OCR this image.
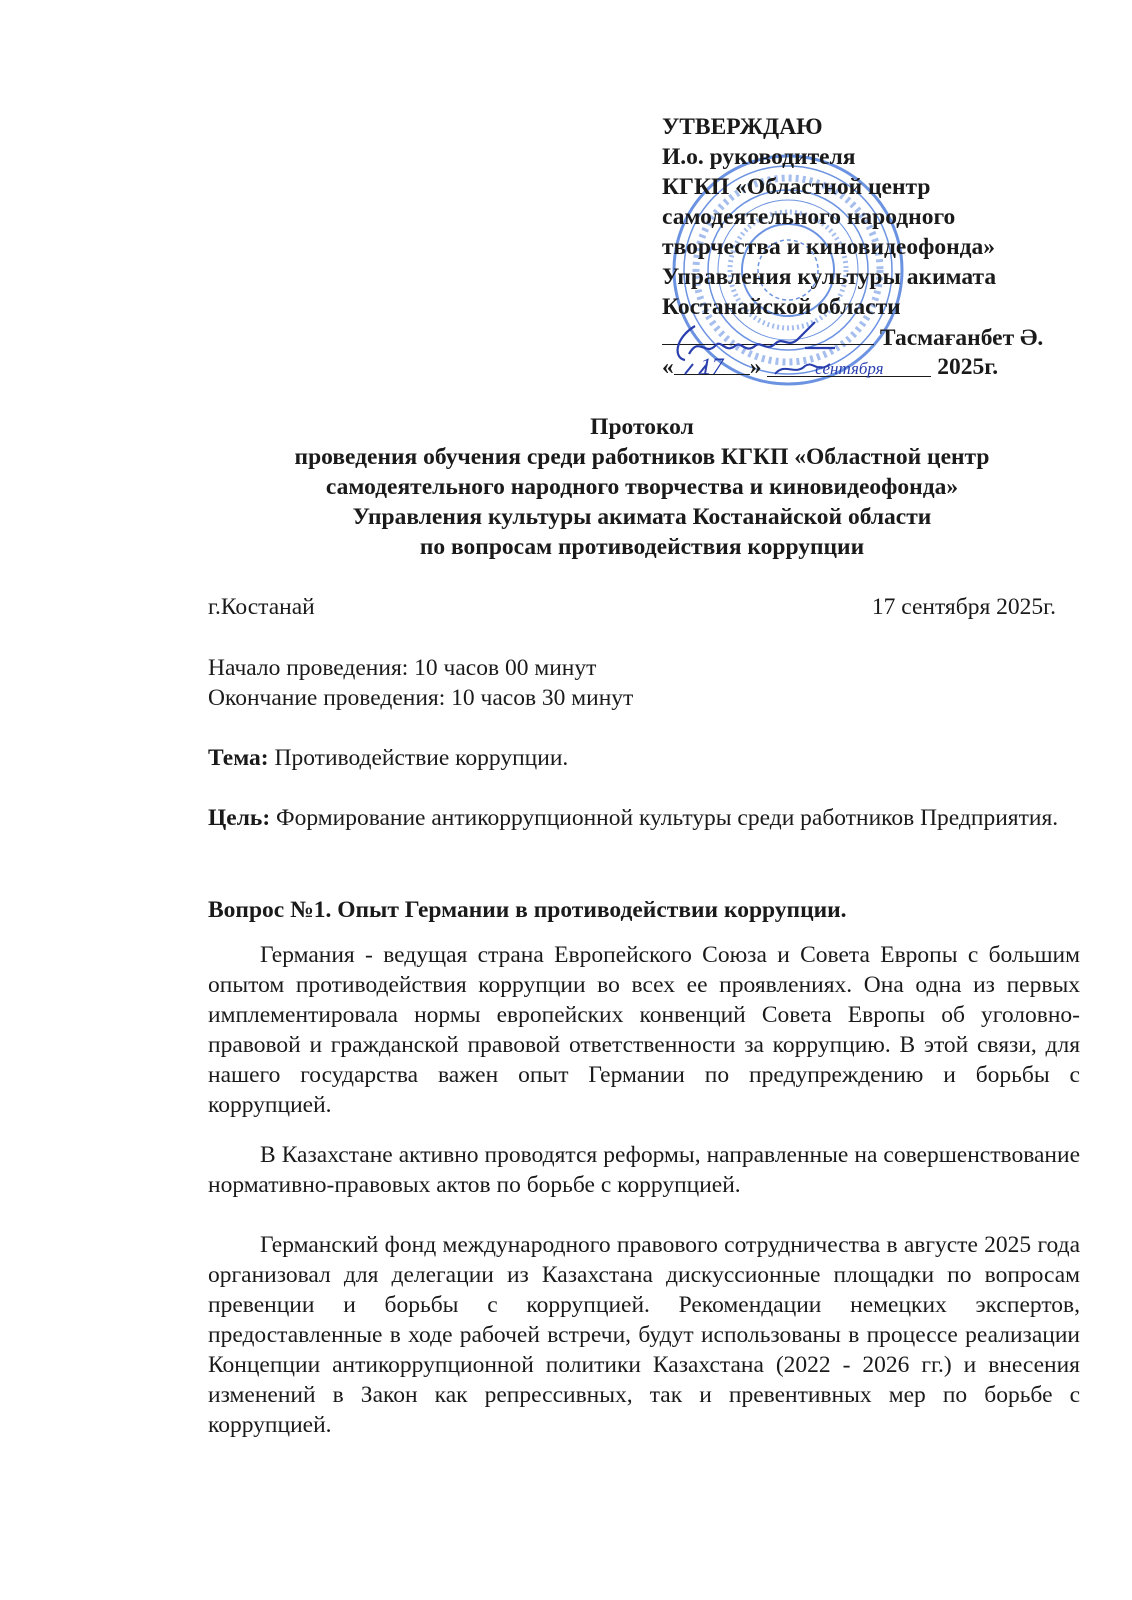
УТВЕРЖДАЮ
И.о. руководителя
КГКП «Областной центр
самодеятельного народного
творчества и киновидеофонда»
Управления культуры акимата
Костанайской области
Тасмағанбет Ә.
« 17 »	сентября 2025г.
Протокол
проведения обучения среди работников КГКП «Областной центр
самодеятельного народного творчества и киновидеофонда»
Управления культуры акимата Костанайской области
по вопросам противодействия коррупции
г.Костанай	17 сентября 2025г.
Начало проведения: 10 часов 00 минут
Окончание проведения: 10 часов 30 минут
Тема: Противодействие коррупции.
Цель: Формирование антикоррупционной культуры среди работников Предприятия.
Вопрос №1. Опыт Германии в противодействии коррупции.
Германия - ведущая страна Европейского Союза и Совета Европы с большим опытом противодействия коррупции во всех ее проявлениях. Она одна из первых имплементировала нормы европейских конвенций Совета Европы об уголовно-правовой и гражданской правовой ответственности за коррупцию. В этой связи, для нашего государства важен опыт Германии по предупреждению и борьбы с коррупцией.
В Казахстане активно проводятся реформы, направленные на совершенствование нормативно-правовых актов по борьбе с коррупцией.
Германский фонд международного правового сотрудничества в августе 2025 года организовал для делегации из Казахстана дискуссионные площадки по вопросам превенции и борьбы с коррупцией. Рекомендации немецких экспертов, предоставленные в ходе рабочей встречи, будут использованы в процессе реализации Концепции антикоррупционной политики Казахстана (2022 - 2026 гг.) и внесения изменений в Закон как репрессивных, так и превентивных мер по борьбе с коррупцией.
